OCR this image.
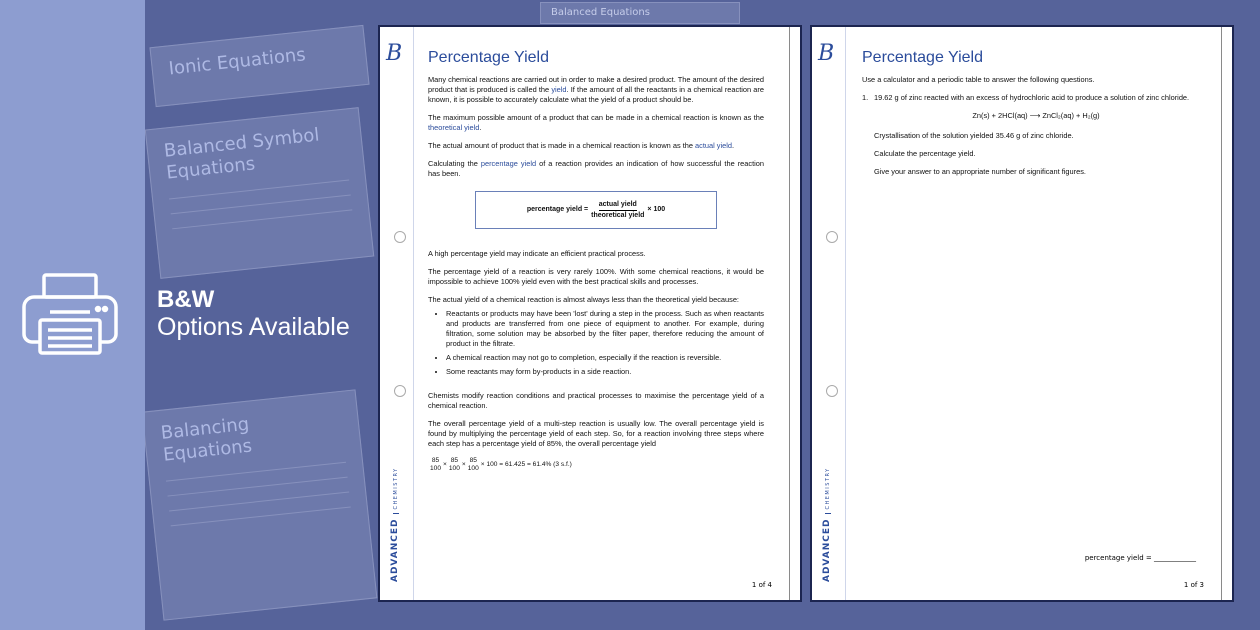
Ionic Equations
Balanced Symbol Equations
Balancing Equations
Balanced Equations
B&W
Options Available
B
ADVANCEDCHEMISTRY
Percentage Yield

Many chemical reactions are carried out in order to make a desired product. The amount of the desired product that is produced is called the yield. If the amount of all the reactants in a chemical reaction are known, it is possible to accurately calculate what the yield of a product should be.

The maximum possible amount of a product that can be made in a chemical reaction is known as the theoretical yield.

The actual amount of product that is made in a chemical reaction is known as the actual yield.

Calculating the percentage yield of a reaction provides an indication of how successful the reaction has been.

percentage yield = $\frac{\text{actual yield}}{\text{theoretical yield}} \times 100$

A high percentage yield may indicate an efficient practical process.

The percentage yield of a reaction is very rarely 100%. With some chemical reactions, it would be impossible to achieve 100% yield even with the best practical skills and processes.

The actual yield of a chemical reaction is almost always less than the theoretical yield because:

• Reactants or products may have been 'lost' during a step in the process. Such as when reactants and products are transferred from one piece of equipment to another. For example, during filtration, some solution may be absorbed by the filter paper, therefore reducing the amount of product in the filtrate.
• A chemical reaction may not go to completion, especially if the reaction is reversible.
• Some reactants may form by-products in a side reaction.

Chemists modify reaction conditions and practical processes to maximise the percentage yield of a chemical reaction.

The overall percentage yield of a multi-step reaction is usually low. The overall percentage yield is found by multiplying the percentage yield of each step. So, for a reaction involving three steps where each step has a percentage yield of 85%, the overall percentage yield

85
100
×
85
100
×
85
100
× 100 = 61.425 = 61.4% (3 s.f.)
1 of 4
B
ADVANCEDCHEMISTRY
Percentage Yield

Use a calculator and a periodic table to answer the following questions.

1. 19.62 g of zinc reacted with an excess of hydrochloric acid to produce a solution of zinc chloride.

Zn(s) + 2HCl(aq) ⟶ ZnCl₂(aq) + H₂(g)

Crystallisation of the solution yielded 35.46 g of zinc chloride.

Calculate the percentage yield.

Give your answer to an appropriate number of significant figures.

percentage yield = ____________
1 of 3
